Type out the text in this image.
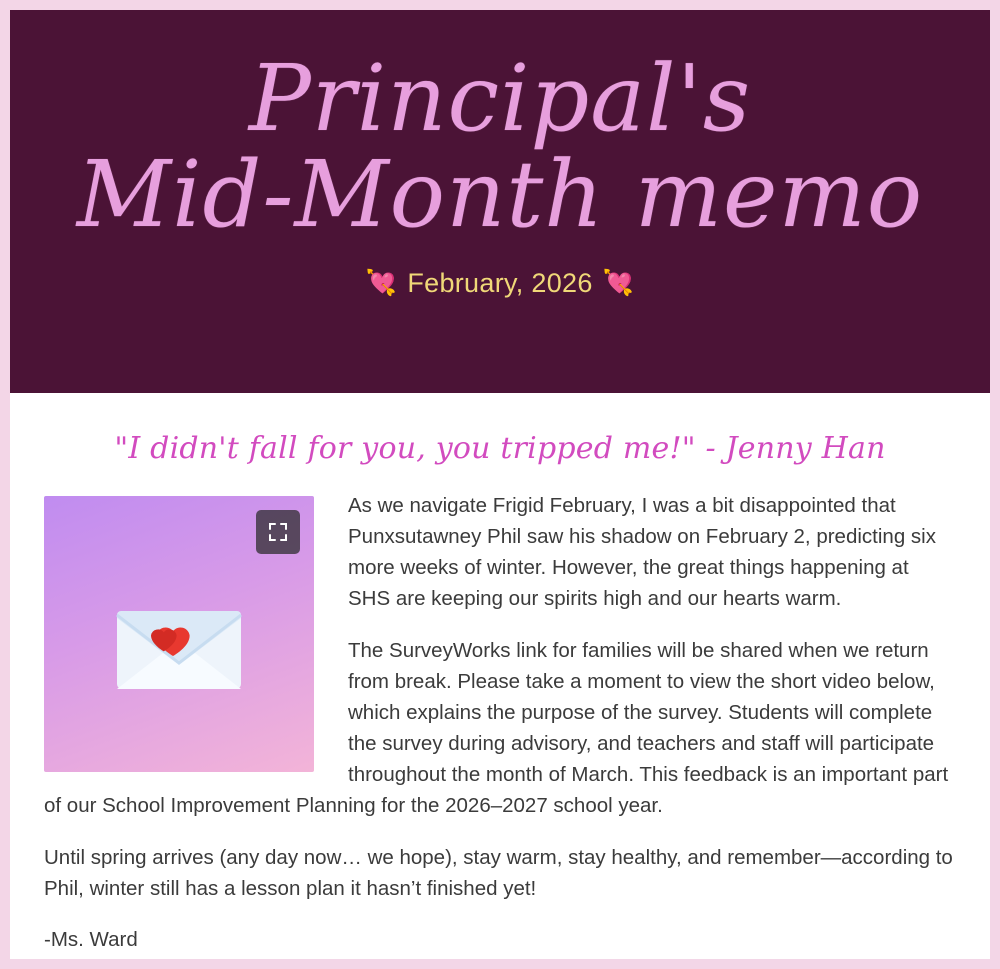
Principal's
Mid-Month memo
💘 February, 2026 💘
"I didn't fall for you, you tripped me!" - Jenny Han

As we navigate Frigid February, I was a bit disappointed that Punxsutawney Phil saw his shadow on February 2, predicting six more weeks of winter. However, the great things happening at SHS are keeping our spirits high and our hearts warm.

The SurveyWorks link for families will be shared when we return from break. Please take a moment to view the short video below, which explains the purpose of the survey. Students will complete the survey during advisory, and teachers and staff will participate throughout the month of March. This feedback is an important part of our School Improvement Planning for the 2026–2027 school year.

Until spring arrives (any day now… we hope), stay warm, stay healthy, and remember—according to Phil, winter still has a lesson plan it hasn’t finished yet!

-Ms. Ward
